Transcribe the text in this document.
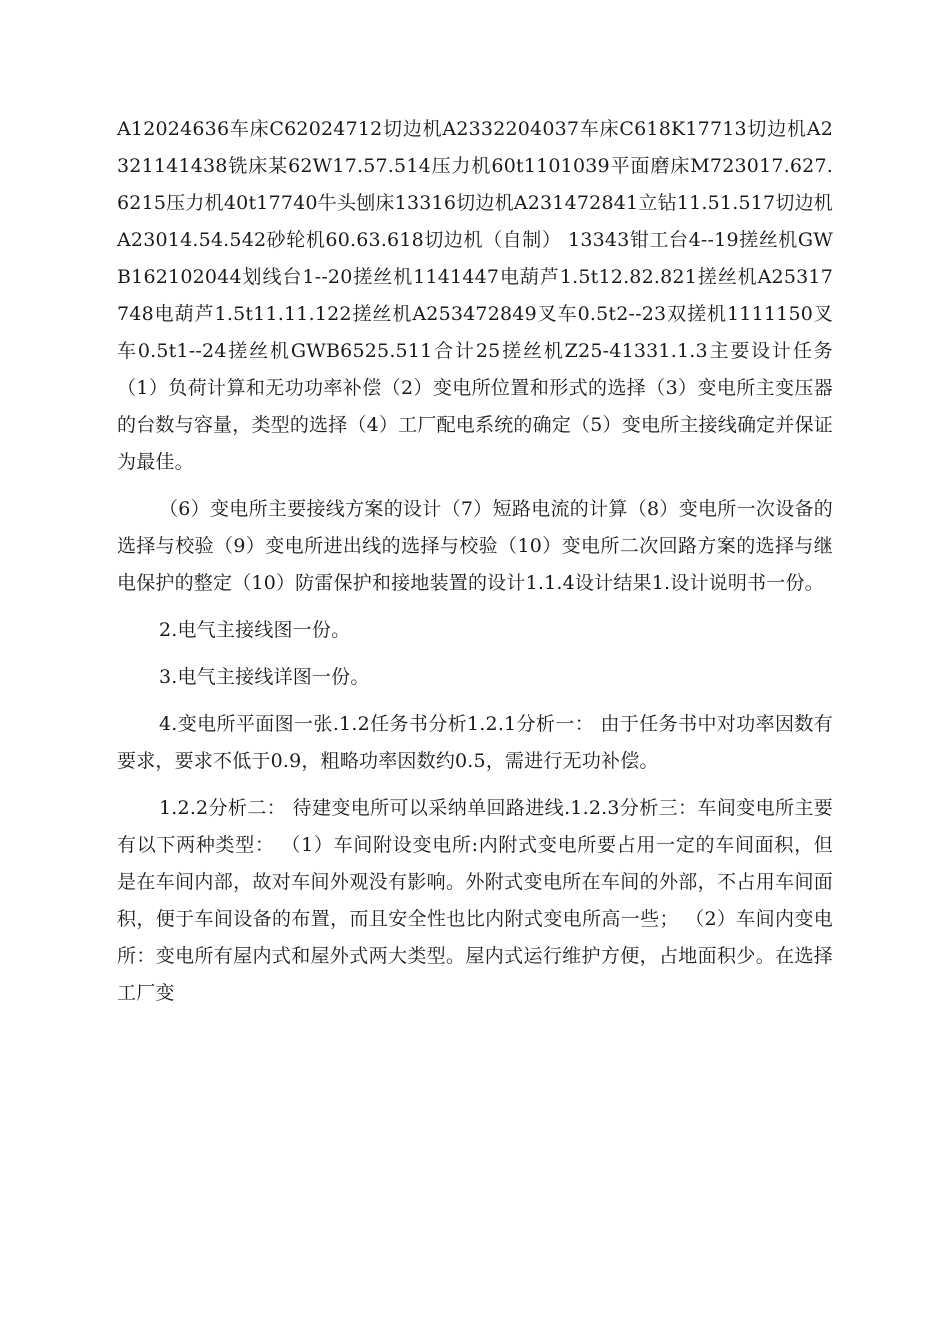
A12024636车床C62024712切边机A2332204037车床C618K17713切边机A2321141438铣床某62W17.57.514压力机60t1101039平面磨床M723017.627.6215压力机40t17740牛头刨床13316切边机A231472841立钻11.51.517切边机A23014.54.542砂轮机60.63.618切边机（自制） 13343钳工台4--19搓丝机GWB162102044划线台1--20搓丝机1141447电葫芦1.5t12.82.821搓丝机A25317748电葫芦1.5t11.11.122搓丝机A253472849叉车0.5t2--23双搓机1111150叉车0.5t1--24搓丝机GWB6525.511合计25搓丝机Z25-41331.1.3主要设计任务（1）负荷计算和无功功率补偿（2）变电所位置和形式的选择（3）变电所主变压器的台数与容量，类型的选择（4）工厂配电系统的确定（5）变电所主接线确定并保证为最佳。

（6）变电所主要接线方案的设计（7）短路电流的计算（8）变电所一次设备的选择与校验（9）变电所进出线的选择与校验（10）变电所二次回路方案的选择与继电保护的整定（10）防雷保护和接地装置的设计1.1.4设计结果1.设计说明书一份。

2.电气主接线图一份。

3.电气主接线详图一份。

4.变电所平面图一张.1.2任务书分析1.2.1分析一： 由于任务书中对功率因数有要求，要求不低于0.9，粗略功率因数约0.5，需进行无功补偿。

1.2.2分析二： 待建变电所可以采纳单回路进线.1.2.3分析三：车间变电所主要有以下两种类型： （1）车间附设变电所:内附式变电所要占用一定的车间面积，但是在车间内部，故对车间外观没有影响。外附式变电所在车间的外部，不占用车间面积，便于车间设备的布置，而且安全性也比内附式变电所高一些； （2）车间内变电所：变电所有屋内式和屋外式两大类型。屋内式运行维护方便，占地面积少。在选择工厂变
